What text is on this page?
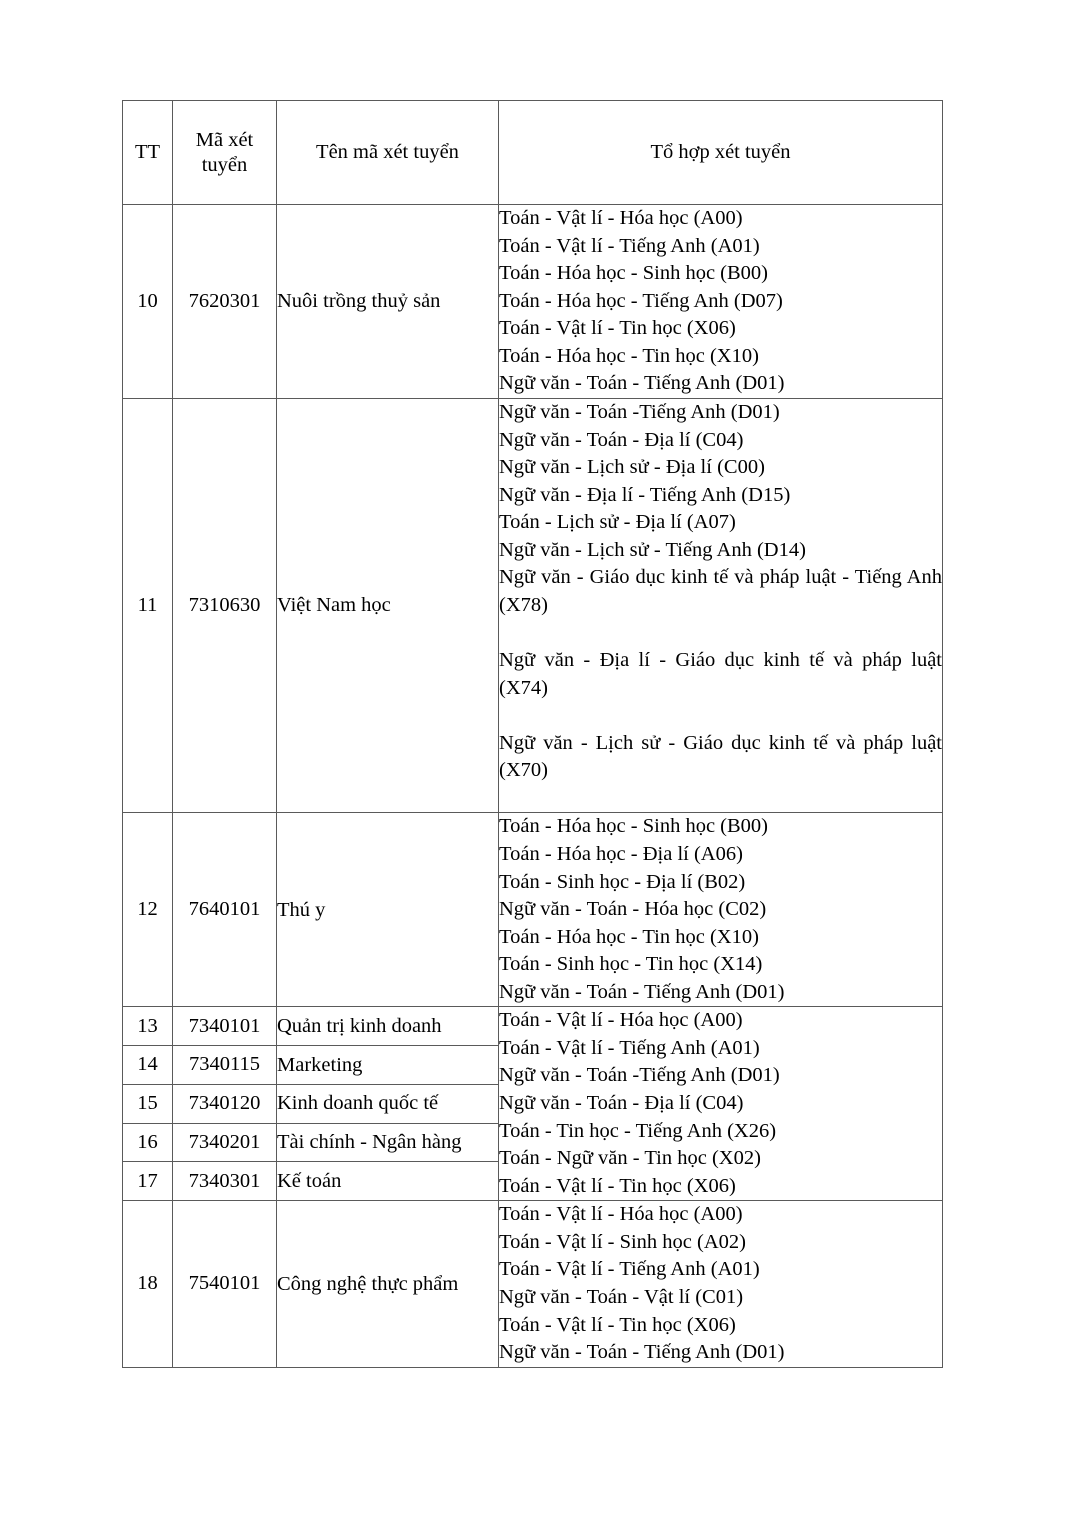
TT	Mã xét tuyển	Tên mã xét tuyển	Tổ hợp xét tuyển
10	7620301	Nuôi trồng thuỷ sản	
Toán - Vật lí - Hóa học (A00)
Toán - Vật lí - Tiếng Anh (A01)
Toán - Hóa học - Sinh học (B00)
Toán - Hóa học - Tiếng Anh (D07)
Toán - Vật lí - Tin học (X06)
Toán - Hóa học - Tin học (X10)
Ngữ văn - Toán - Tiếng Anh (D01)

11	7310630	Việt Nam học	
Ngữ văn - Toán -Tiếng Anh (D01)
Ngữ văn - Toán - Địa lí (C04)
Ngữ văn - Lịch sử - Địa lí (C00)
Ngữ văn - Địa lí - Tiếng Anh (D15)
Toán - Lịch sử - Địa lí (A07)
Ngữ văn - Lịch sử - Tiếng Anh (D14)
Ngữ văn - Giáo dục kinh tế và pháp luật - Tiếng Anh (X78)
Ngữ văn - Địa lí - Giáo dục kinh tế và pháp luật (X74)
Ngữ văn - Lịch sử - Giáo dục kinh tế và pháp luật (X70)

12	7640101	Thú y	
Toán - Hóa học - Sinh học (B00)
Toán - Hóa học - Địa lí (A06)
Toán - Sinh học - Địa lí (B02)
Ngữ văn - Toán - Hóa học (C02)
Toán - Hóa học - Tin học (X10)
Toán - Sinh học - Tin học (X14)
Ngữ văn - Toán - Tiếng Anh (D01)

13	7340101	Quản trị kinh doanh	Toán - Vật lí - Hóa học (A00)
Toán - Vật lí - Tiếng Anh (A01)
Ngữ văn - Toán -Tiếng Anh (D01)
Ngữ văn - Toán - Địa lí (C04)
Toán - Tin học - Tiếng Anh (X26)
Toán - Ngữ văn - Tin học (X02)
Toán - Vật lí - Tin học (X06)

14	7340115	Marketing	
15	7340120	Kinh doanh quốc tế	
16	7340201	Tài chính - Ngân hàng	
17	7340301	Kế toán	
18	7540101	Công nghệ thực phẩm	
Toán - Vật lí - Hóa học (A00)
Toán - Vật lí - Sinh học (A02)
Toán - Vật lí - Tiếng Anh (A01)
Ngữ văn - Toán - Vật lí (C01)
Toán - Vật lí - Tin học (X06)
Ngữ văn - Toán - Tiếng Anh (D01)
